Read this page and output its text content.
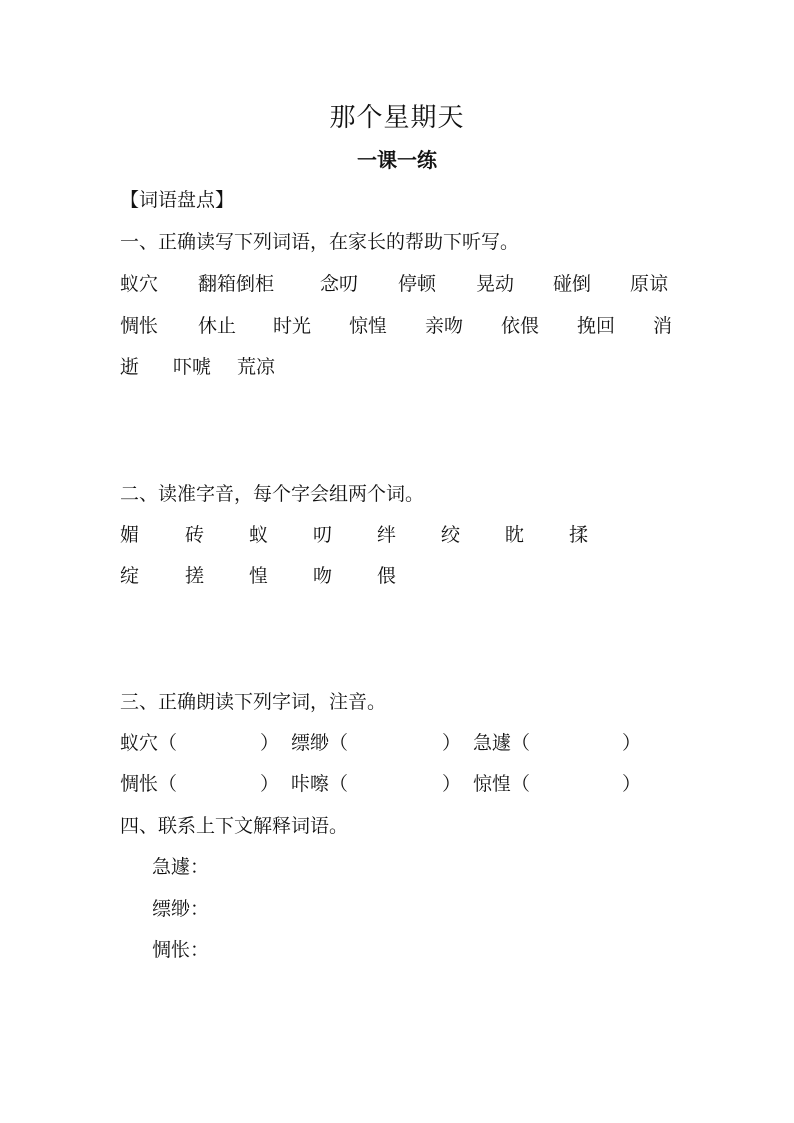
那个星期天
一课一练
【词语盘点】
一、正确读写下列词语，在家长的帮助下听写。
蚁穴 翻箱倒柜 念叨 停顿 晃动 碰倒 原谅
惆怅 休止 时光 惊惶 亲吻 依偎 挽回 消
逝 吓唬 荒凉
二、读准字音，每个字会组两个词。
媚 砖 蚁 叨 绊 绞 眈 揉
绽 搓 惶 吻 偎
三、正确朗读下列字词，注音。
蚁穴（	） 缥缈（	） 急遽（	）
惆怅（	） 咔嚓（	） 惊惶（	）
四、联系上下文解释词语。
急遽：
缥缈：
惆怅：
